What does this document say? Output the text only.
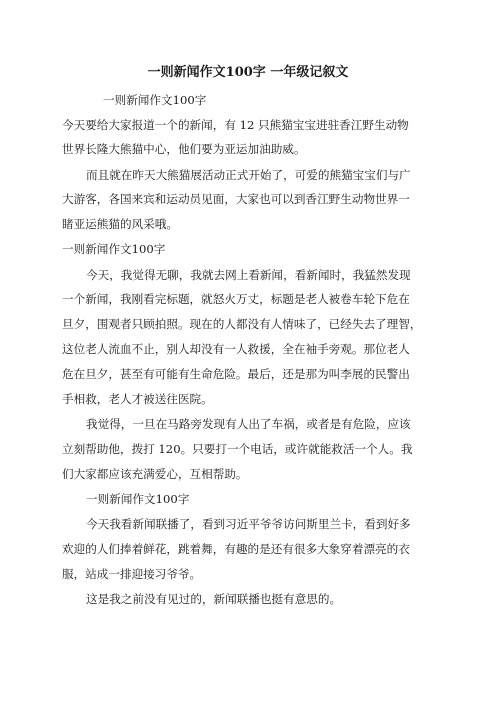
一则新闻作文100字 一年级记叙文
一则新闻作文100字
今天要给大家报道一个的新闻，有 12 只熊猫宝宝进驻香江野生动物
世界长隆大熊猫中心，他们要为亚运加油助威。
而且就在昨天大熊猫展活动正式开始了，可爱的熊猫宝宝们与广
大游客，各国来宾和运动员见面，大家也可以到香江野生动物世界一
睹亚运熊猫的风采哦。
一则新闻作文100字
今天，我觉得无聊，我就去网上看新闻，看新闻时，我猛然发现
一个新闻，我刚看完标题，就怒火万丈，标题是老人被卷车轮下危在
旦夕，围观者只顾拍照。现在的人都没有人情味了，已经失去了理智，
这位老人流血不止，别人却没有一人救援，全在袖手旁观。那位老人
危在旦夕，甚至有可能有生命危险。最后，还是那为叫李展的民警出
手相救，老人才被送往医院。
我觉得，一旦在马路旁发现有人出了车祸，或者是有危险，应该
立刻帮助他，拨打 120。只要打一个电话，或许就能救活一个人。我
们大家都应该充满爱心，互相帮助。
一则新闻作文100字
今天我看新闻联播了，看到习近平爷爷访问斯里兰卡，看到好多
欢迎的人们捧着鲜花，跳着舞，有趣的是还有很多大象穿着漂亮的衣
服，站成一排迎接习爷爷。
这是我之前没有见过的，新闻联播也挺有意思的。
